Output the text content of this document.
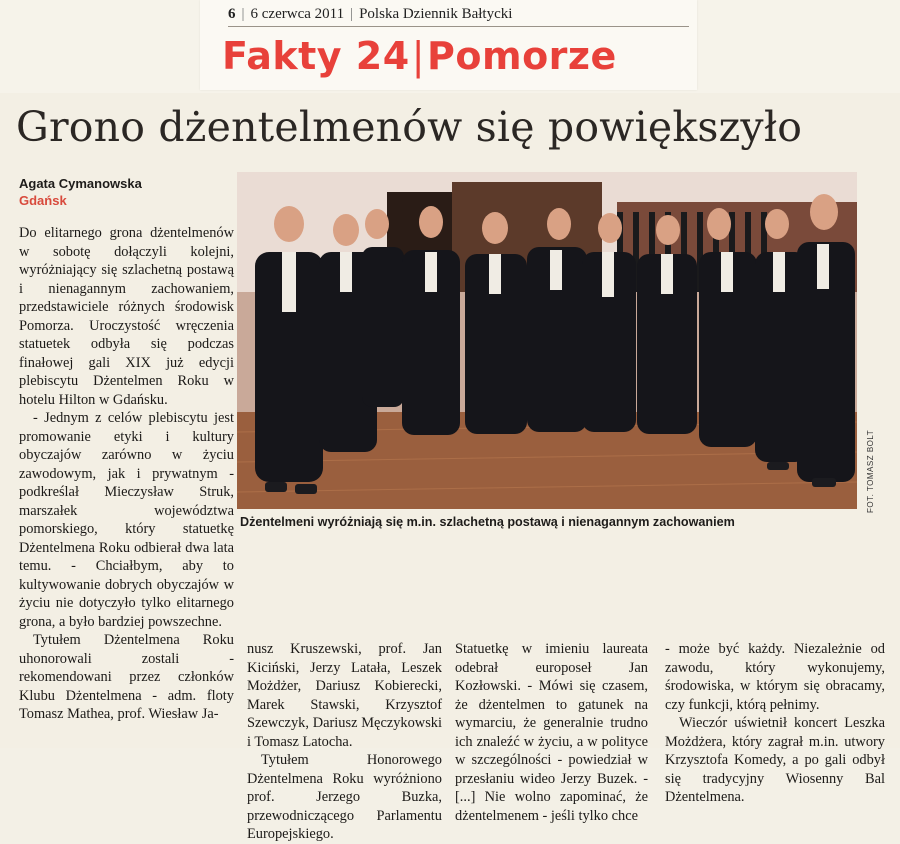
6 | 6 czerwca 2011 | Polska Dziennik Bałtycki
Fakty 24|Pomorze
Grono dżentelmenów się powiększyło
Agata Cymanowska
Gdańsk

Do elitarnego grona dżentelmenów w sobotę dołączyli kolejni, wyróżniający się szlachetną postawą i nienagannym zachowaniem, przedstawiciele różnych środowisk Pomorza. Uroczystość wręczenia statuetek odbyła się podczas finałowej gali XIX już edycji plebiscytu Dżentelmen Roku w hotelu Hilton w Gdańsku.

- Jednym z celów plebiscytu jest promowanie etyki i kultury obyczajów zarówno w życiu zawodowym, jak i prywatnym - podkreślał Mieczysław Struk, marszałek województwa pomorskiego, który statuetkę Dżentelmena Roku odbierał dwa lata temu. - Chciałbym, aby to kultywowanie dobrych obyczajów w życiu nie dotyczyło tylko elitarnego grona, a było bardziej powszechne.

Tytułem Dżentelmena Roku uhonorowali zostali - rekomendowani przez członków Klubu Dżentelmena - adm. floty Tomasz Mathea, prof. Wiesław Ja-

FOT. TOMASZ BOLT
Dżentelmeni wyróżniają się m.in. szlachetną postawą i nienagannym zachowaniem

nusz Kruszewski, prof. Jan Kiciński, Jerzy Latała, Leszek Możdżer, Dariusz Kobierecki, Marek Stawski, Krzysztof Szewczyk, Dariusz Męczykowski i Tomasz Latocha.

Tytułem Honorowego Dżentelmena Roku wyróżniono prof. Jerzego Buzka, przewodniczącego Parlamentu Europejskiego.

Statuetkę w imieniu laureata odebrał europoseł Jan Kozłowski. - Mówi się czasem, że dżentelmen to gatunek na wymarciu, że generalnie trudno ich znaleźć w życiu, a w polityce w szczególności - powiedział w przesłaniu wideo Jerzy Buzek. - [...] Nie wolno zapominać, że dżentelmenem - jeśli tylko chce

- może być każdy. Niezależnie od zawodu, który wykonujemy, środowiska, w którym się obracamy, czy funkcji, którą pełnimy.

Wieczór uświetnił koncert Leszka Możdżera, który zagrał m.in. utwory Krzysztofa Komedy, a po gali odbył się tradycyjny Wiosenny Bal Dżentelmena.
